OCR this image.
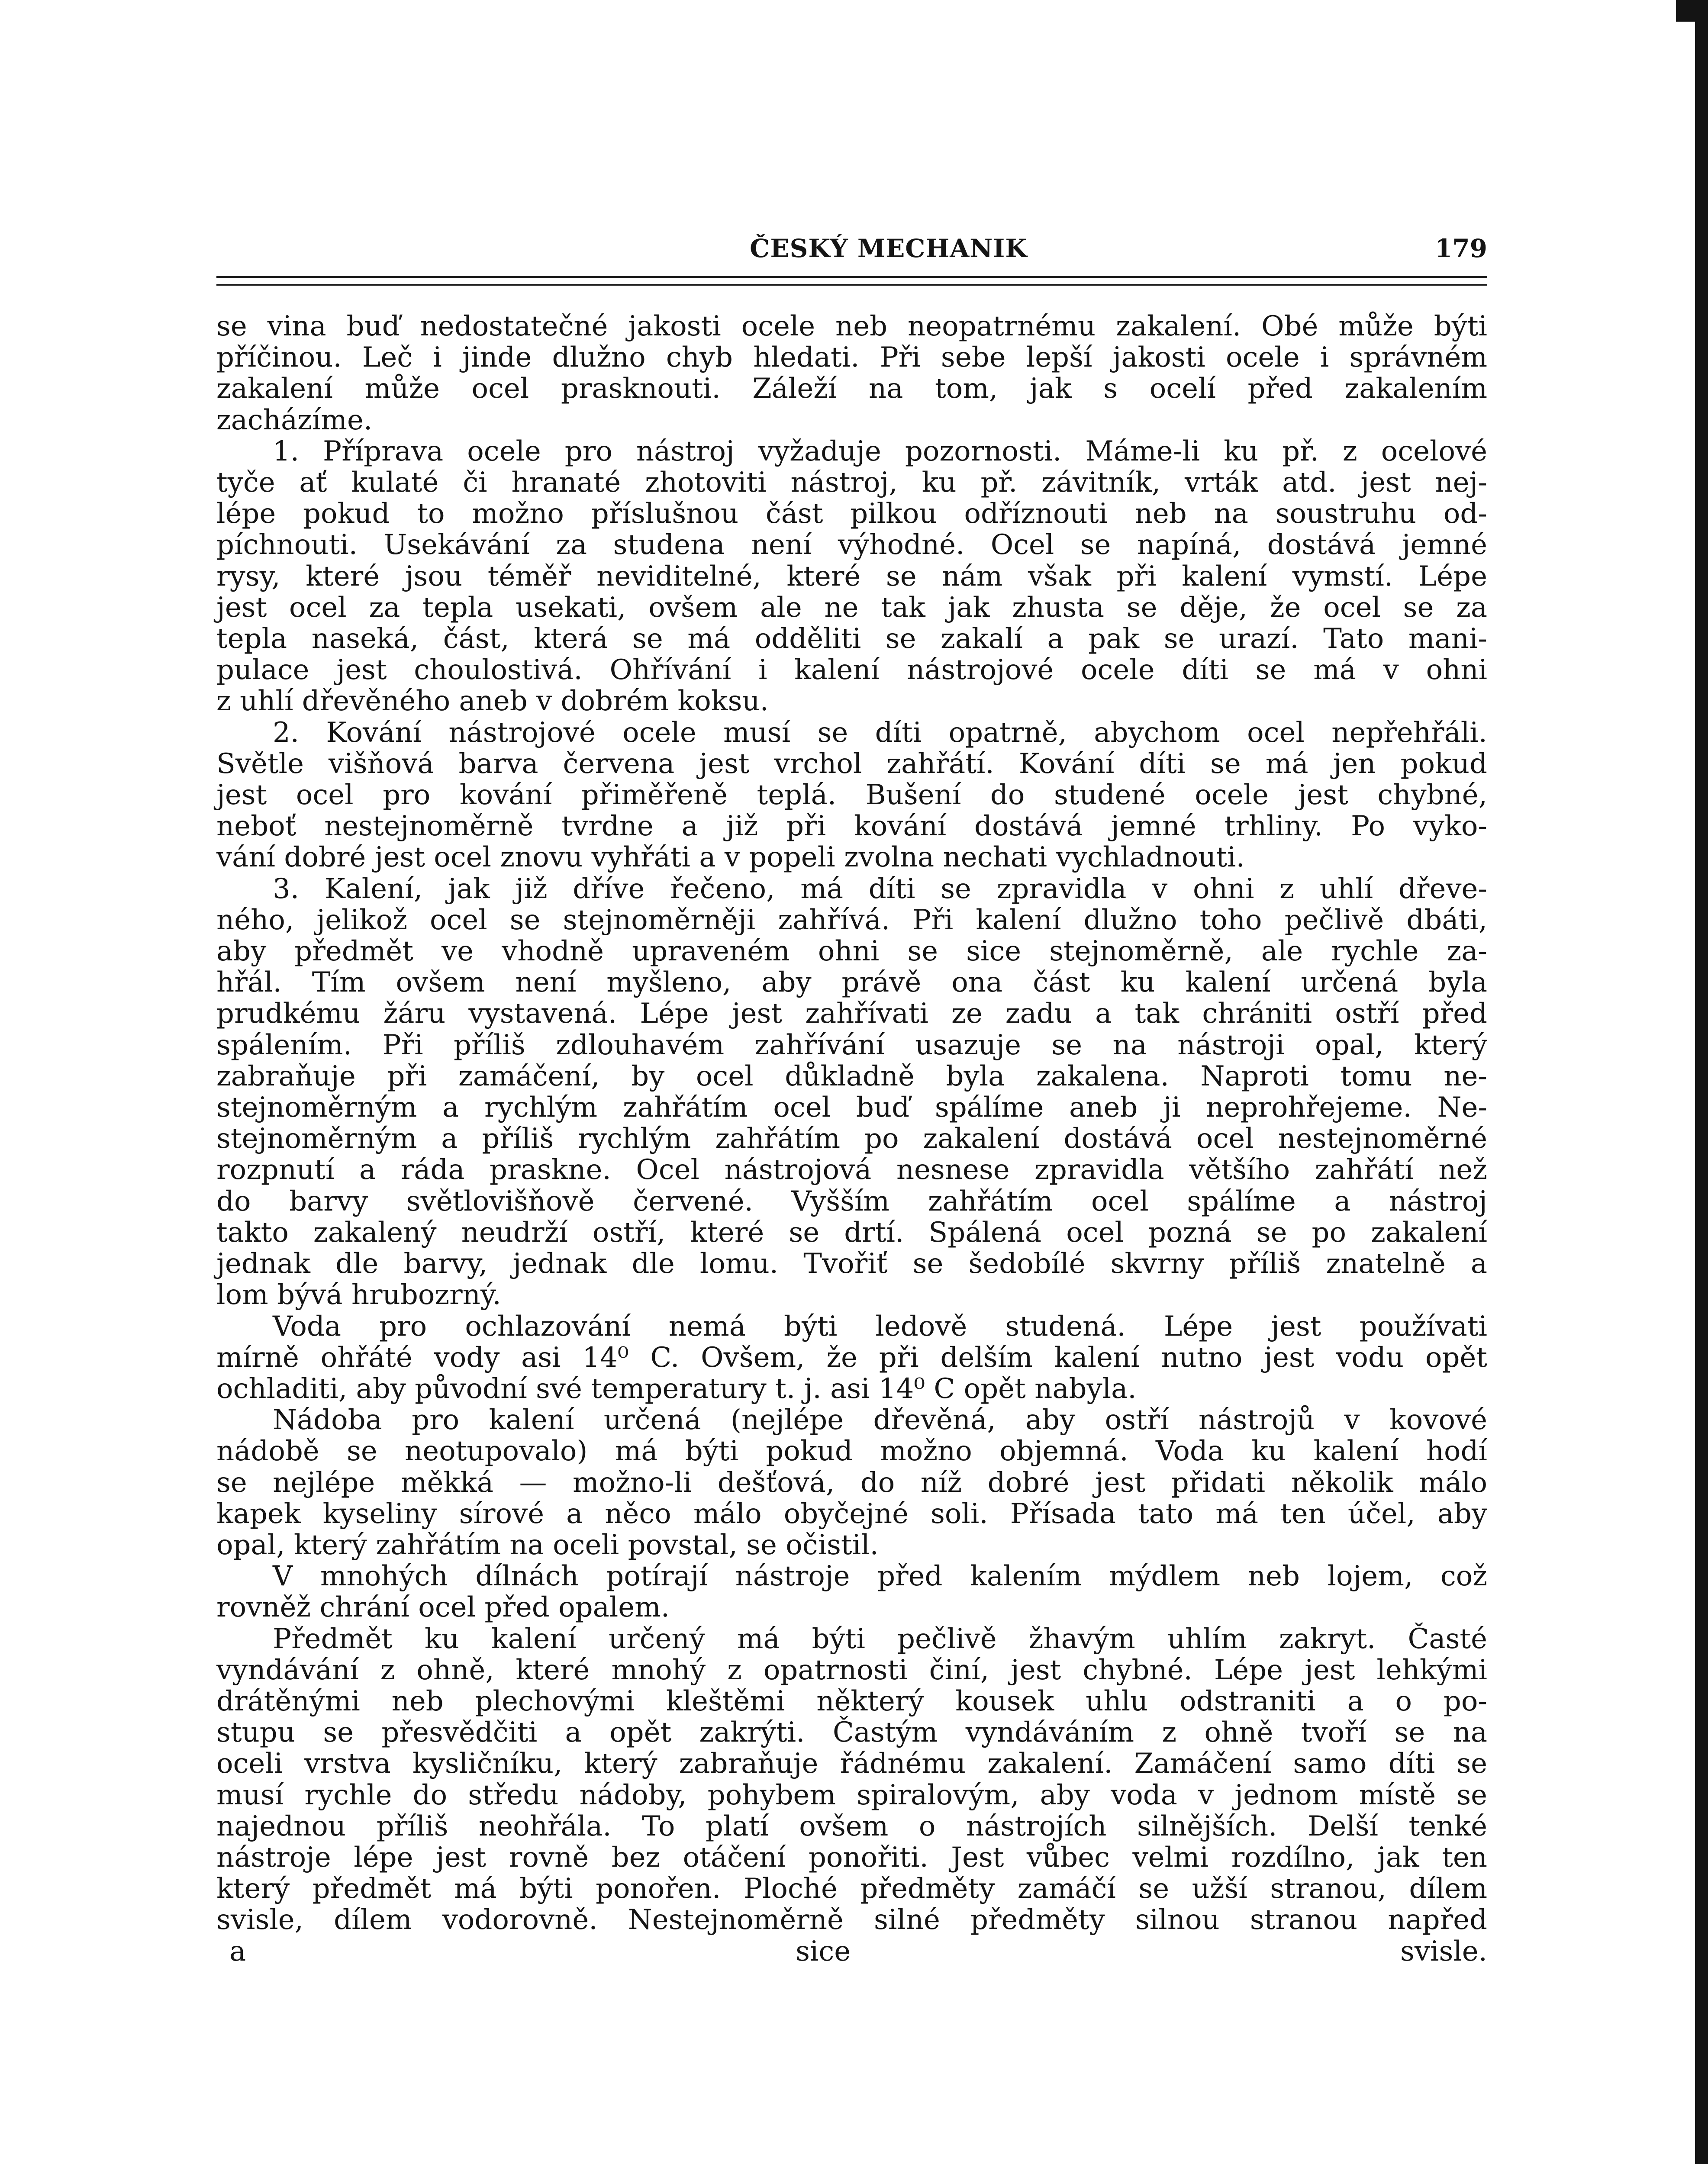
ČESKÝ MECHANIK	179
se vina buď nedostatečné jakosti ocele neb neopatrnému zakalení. Obé může býti
příčinou. Leč i jinde dlužno chyb hledati. Při sebe lepší jakosti ocele i správném
zakalení může ocel prasknouti. Záleží na tom, jak s ocelí před zakalením
zacházíme.
1. Příprava ocele pro nástroj vyžaduje pozornosti. Máme-li ku př. z ocelové
tyče ať kulaté či hranaté zhotoviti nástroj, ku př. závitník, vrták atd. jest nej-
lépe pokud to možno příslušnou část pilkou odříznouti neb na soustruhu od-
píchnouti. Usekávání za studena není výhodné. Ocel se napíná, dostává jemné
rysy, které jsou téměř neviditelné, které se nám však při kalení vymstí. Lépe
jest ocel za tepla usekati, ovšem ale ne tak jak zhusta se děje, že ocel se za
tepla naseká, část, která se má odděliti se zakalí a pak se urazí. Tato mani-
pulace jest choulostivá. Ohřívání i kalení nástrojové ocele díti se má v ohni
z uhlí dřevěného aneb v dobrém koksu.
2. Kování nástrojové ocele musí se díti opatrně, abychom ocel nepřehřáli.
Světle višňová barva červena jest vrchol zahřátí. Kování díti se má jen pokud
jest ocel pro kování přiměřeně teplá. Bušení do studené ocele jest chybné,
neboť nestejnoměrně tvrdne a již při kování dostává jemné trhliny. Po vyko-
vání dobré jest ocel znovu vyhřáti a v popeli zvolna nechati vychladnouti.
3. Kalení, jak již dříve řečeno, má díti se zpravidla v ohni z uhlí dřeve-
ného, jelikož ocel se stejnoměrněji zahřívá. Při kalení dlužno toho pečlivě dbáti,
aby předmět ve vhodně upraveném ohni se sice stejnoměrně, ale rychle za-
hřál. Tím ovšem není myšleno, aby právě ona část ku kalení určená byla
prudkému žáru vystavená. Lépe jest zahřívati ze zadu a tak chrániti ostří před
spálením. Při příliš zdlouhavém zahřívání usazuje se na nástroji opal, který
zabraňuje při zamáčení, by ocel důkladně byla zakalena. Naproti tomu ne-
stejnoměrným a rychlým zahřátím ocel buď spálíme aneb ji neprohřejeme. Ne-
stejnoměrným a příliš rychlým zahřátím po zakalení dostává ocel nestejnoměrné
rozpnutí a ráda praskne. Ocel nástrojová nesnese zpravidla většího zahřátí než
do barvy světlovišňově červené. Vyšším zahřátím ocel spálíme a nástroj
takto zakalený neudrží ostří, které se drtí. Spálená ocel pozná se po zakalení
jednak dle barvy, jednak dle lomu. Tvořiť se šedobílé skvrny příliš znatelně a
lom bývá hrubozrný.
Voda pro ochlazování nemá býti ledově studená. Lépe jest používati
mírně ohřáté vody asi 14⁰ C. Ovšem, že při delším kalení nutno jest vodu opět
ochladiti, aby původní své temperatury t. j. asi 14⁰ C opět nabyla.
Nádoba pro kalení určená (nejlépe dřevěná, aby ostří nástrojů v kovové
nádobě se neotupovalo) má býti pokud možno objemná. Voda ku kalení hodí
se nejlépe měkká — možno-li dešťová, do níž dobré jest přidati několik málo
kapek kyseliny sírové a něco málo obyčejné soli. Přísada tato má ten účel, aby
opal, který zahřátím na oceli povstal, se očistil.
V mnohých dílnách potírají nástroje před kalením mýdlem neb lojem, což
rovněž chrání ocel před opalem.
Předmět ku kalení určený má býti pečlivě žhavým uhlím zakryt. Časté
vyndávání z ohně, které mnohý z opatrnosti činí, jest chybné. Lépe jest lehkými
drátěnými neb plechovými kleštěmi některý kousek uhlu odstraniti a o po-
stupu se přesvědčiti a opět zakrýti. Častým vyndáváním z ohně tvoří se na
oceli vrstva kysličníku, který zabraňuje řádnému zakalení. Zamáčení samo díti se
musí rychle do středu nádoby, pohybem spiralovým, aby voda v jednom místě se
najednou příliš neohřála. To platí ovšem o nástrojích silnějších. Delší tenké
nástroje lépe jest rovně bez otáčení ponořiti. Jest vůbec velmi rozdílno, jak ten
který předmět má býti ponořen. Ploché předměty zamáčí se užší stranou, dílem
svisle, dílem vodorovně. Nestejnoměrně silné předměty silnou stranou napřed
a sice svisle.
